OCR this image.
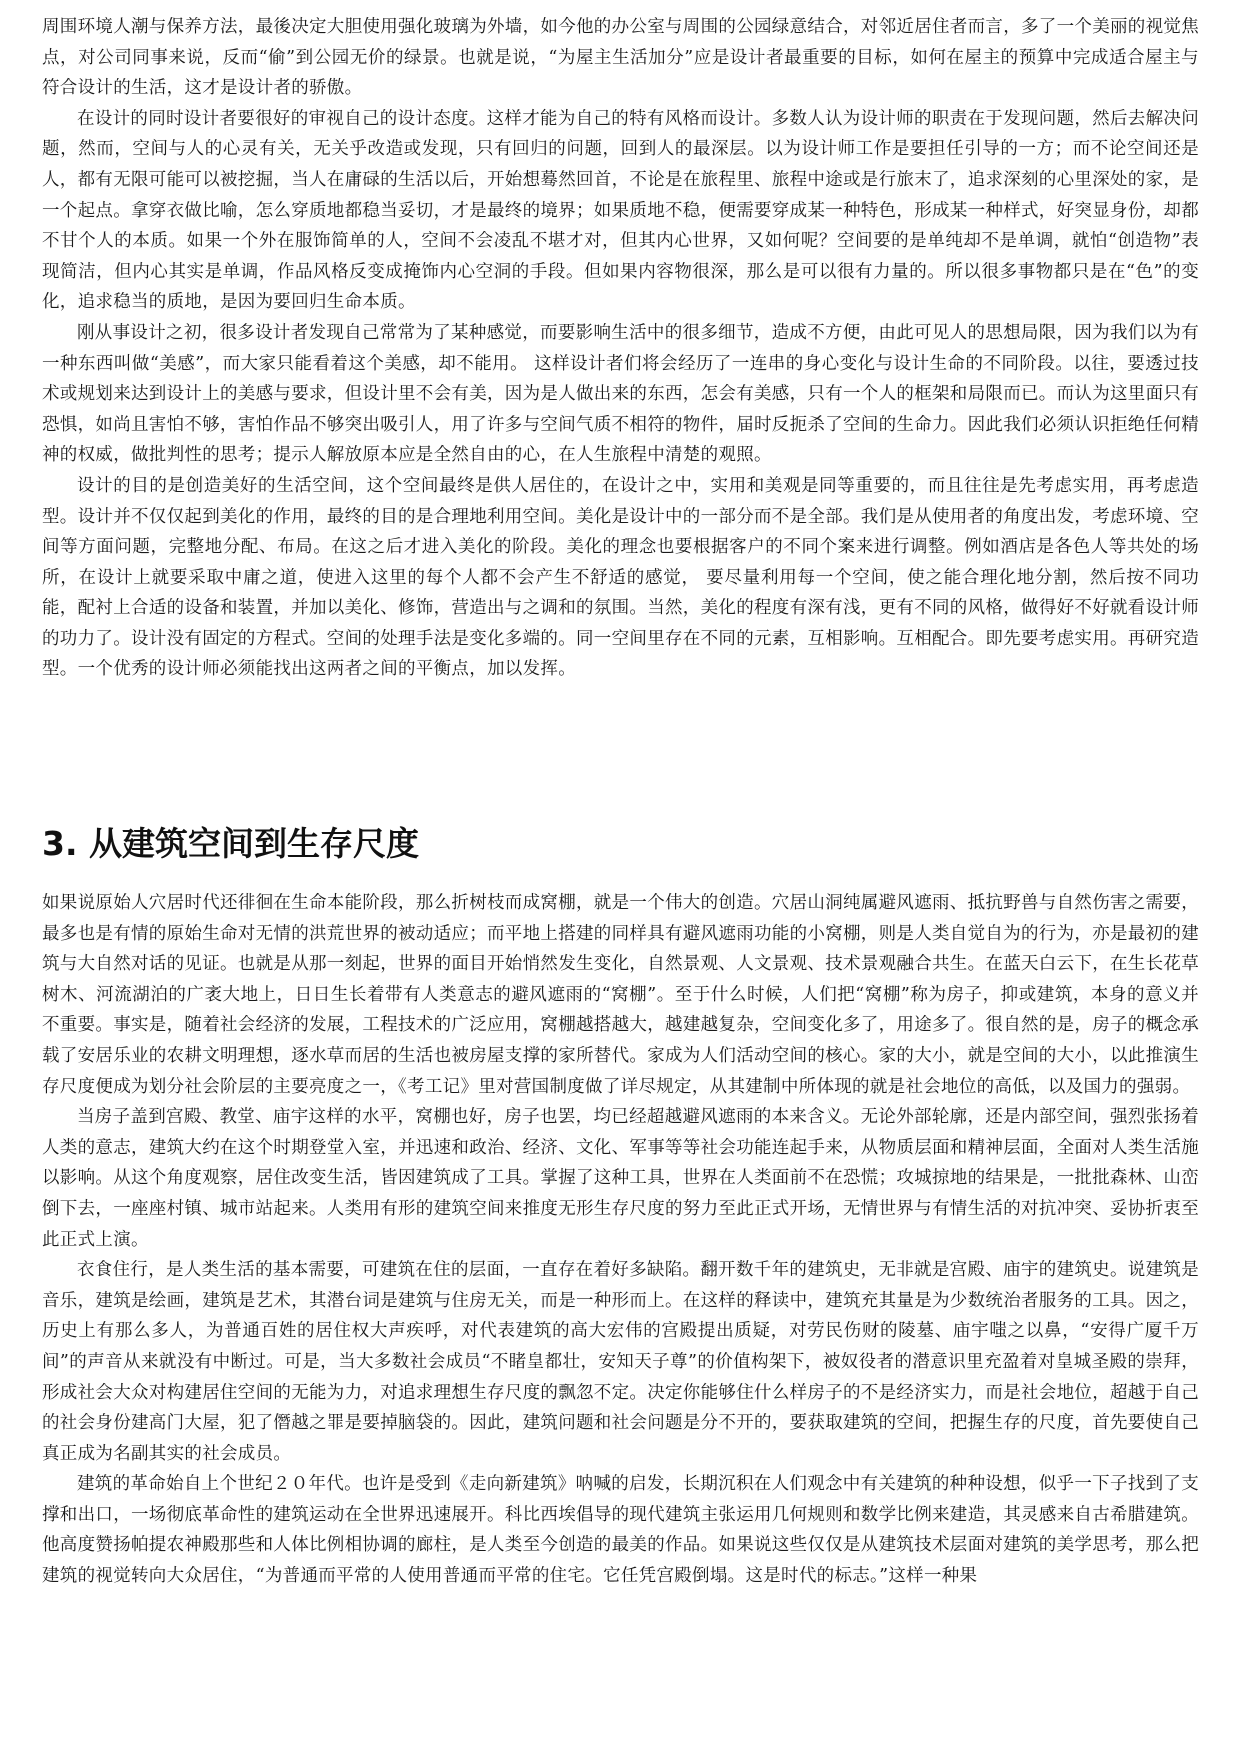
周围环境人潮与保养方法，最後决定大胆使用强化玻璃为外墙，如今他的办公室与周围的公园绿意结合，对邻近居住者而言，多了一个美丽的视觉焦点，对公司同事来说，反而“偷”到公园无价的绿景。也就是说，“为屋主生活加分”应是设计者最重要的目标，如何在屋主的预算中完成适合屋主与符合设计的生活，这才是设计者的骄傲。

在设计的同时设计者要很好的审视自己的设计态度。这样才能为自己的特有风格而设计。多数人认为设计师的职责在于发现问题，然后去解决问题，然而，空间与人的心灵有关，无关乎改造或发现，只有回归的问题，回到人的最深层。以为设计师工作是要担任引导的一方；而不论空间还是人，都有无限可能可以被挖掘，当人在庸碌的生活以后，开始想蓦然回首，不论是在旅程里、旅程中途或是行旅末了，追求深刻的心里深处的家，是一个起点。拿穿衣做比喻，怎么穿质地都稳当妥切，才是最终的境界；如果质地不稳，便需要穿成某一种特色，形成某一种样式，好突显身份，却都不甘个人的本质。如果一个外在服饰简单的人，空间不会凌乱不堪才对，但其内心世界，又如何呢？空间要的是单纯却不是单调，就怕“创造物”表现简洁，但内心其实是单调，作品风格反变成掩饰内心空洞的手段。但如果内容物很深，那么是可以很有力量的。所以很多事物都只是在“色”的变化，追求稳当的质地，是因为要回归生命本质。

刚从事设计之初，很多设计者发现自己常常为了某种感觉，而要影响生活中的很多细节，造成不方便，由此可见人的思想局限，因为我们以为有一种东西叫做“美感”，而大家只能看着这个美感，却不能用。 这样设计者们将会经历了一连串的身心变化与设计生命的不同阶段。以往，要透过技术或规划来达到设计上的美感与要求，但设计里不会有美，因为是人做出来的东西，怎会有美感，只有一个人的框架和局限而已。而认为这里面只有恐惧，如尚且害怕不够，害怕作品不够突出吸引人，用了许多与空间气质不相符的物件，届时反扼杀了空间的生命力。因此我们必须认识拒绝任何精神的权威，做批判性的思考；提示人解放原本应是全然自由的心，在人生旅程中清楚的观照。

设计的目的是创造美好的生活空间，这个空间最终是供人居住的，在设计之中，实用和美观是同等重要的，而且往往是先考虑实用，再考虑造型。设计并不仅仅起到美化的作用，最终的目的是合理地利用空间。美化是设计中的一部分而不是全部。我们是从使用者的角度出发，考虑环境、空间等方面问题，完整地分配、布局。在这之后才进入美化的阶段。美化的理念也要根据客户的不同个案来进行调整。例如酒店是各色人等共处的场所，在设计上就要采取中庸之道，使进入这里的每个人都不会产生不舒适的感觉， 要尽量利用每一个空间，使之能合理化地分割，然后按不同功能，配衬上合适的设备和装置，并加以美化、修饰，营造出与之调和的氛围。当然，美化的程度有深有浅，更有不同的风格，做得好不好就看设计师的功力了。设计没有固定的方程式。空间的处理手法是变化多端的。同一空间里存在不同的元素，互相影响。互相配合。即先要考虑实用。再研究造型。一个优秀的设计师必须能找出这两者之间的平衡点，加以发挥。

3. 从建筑空间到生存尺度

如果说原始人穴居时代还徘徊在生命本能阶段，那么折树枝而成窝棚，就是一个伟大的创造。穴居山洞纯属避风遮雨、抵抗野兽与自然伤害之需要，最多也是有情的原始生命对无情的洪荒世界的被动适应；而平地上搭建的同样具有避风遮雨功能的小窝棚，则是人类自觉自为的行为，亦是最初的建筑与大自然对话的见证。也就是从那一刻起，世界的面目开始悄然发生变化，自然景观、人文景观、技术景观融合共生。在蓝天白云下，在生长花草树木、河流湖泊的广袤大地上，日日生长着带有人类意志的避风遮雨的“窝棚”。至于什么时候，人们把“窝棚”称为房子，抑或建筑，本身的意义并不重要。事实是，随着社会经济的发展，工程技术的广泛应用，窝棚越搭越大，越建越复杂，空间变化多了，用途多了。很自然的是，房子的概念承载了安居乐业的农耕文明理想，逐水草而居的生活也被房屋支撑的家所替代。家成为人们活动空间的核心。家的大小，就是空间的大小，以此推演生存尺度便成为划分社会阶层的主要亮度之一，《考工记》里对营国制度做了详尽规定，从其建制中所体现的就是社会地位的高低，以及国力的强弱。

当房子盖到宫殿、教堂、庙宇这样的水平，窝棚也好，房子也罢，均已经超越避风遮雨的本来含义。无论外部轮廓，还是内部空间，强烈张扬着人类的意志，建筑大约在这个时期登堂入室，并迅速和政治、经济、文化、军事等等社会功能连起手来，从物质层面和精神层面，全面对人类生活施以影响。从这个角度观察，居住改变生活，皆因建筑成了工具。掌握了这种工具，世界在人类面前不在恐慌；攻城掠地的结果是，一批批森林、山峦倒下去，一座座村镇、城市站起来。人类用有形的建筑空间来推度无形生存尺度的努力至此正式开场，无情世界与有情生活的对抗冲突、妥协折衷至此正式上演。

衣食住行，是人类生活的基本需要，可建筑在住的层面，一直存在着好多缺陷。翻开数千年的建筑史，无非就是宫殿、庙宇的建筑史。说建筑是音乐，建筑是绘画，建筑是艺术，其潜台词是建筑与住房无关，而是一种形而上。在这样的释读中，建筑充其量是为少数统治者服务的工具。因之，历史上有那么多人，为普通百姓的居住权大声疾呼，对代表建筑的高大宏伟的宫殿提出质疑，对劳民伤财的陵墓、庙宇嗤之以鼻，“安得广厦千万间”的声音从来就没有中断过。可是，当大多数社会成员“不睹皇都壮，安知天子尊”的价值构架下，被奴役者的潜意识里充盈着对皇城圣殿的崇拜，形成社会大众对构建居住空间的无能为力，对追求理想生存尺度的飘忽不定。决定你能够住什么样房子的不是经济实力，而是社会地位，超越于自己的社会身份建高门大屋，犯了僭越之罪是要掉脑袋的。因此，建筑问题和社会问题是分不开的，要获取建筑的空间，把握生存的尺度，首先要使自己真正成为名副其实的社会成员。

建筑的革命始自上个世纪２０年代。也许是受到《走向新建筑》呐喊的启发，长期沉积在人们观念中有关建筑的种种设想，似乎一下子找到了支撑和出口，一场彻底革命性的建筑运动在全世界迅速展开。科比西埃倡导的现代建筑主张运用几何规则和数学比例来建造，其灵感来自古希腊建筑。他高度赞扬帕提农神殿那些和人体比例相协调的廊柱，是人类至今创造的最美的作品。如果说这些仅仅是从建筑技术层面对建筑的美学思考，那么把建筑的视觉转向大众居住，“为普通而平常的人使用普通而平常的住宅。它任凭宫殿倒塌。这是时代的标志。”这样一种果
